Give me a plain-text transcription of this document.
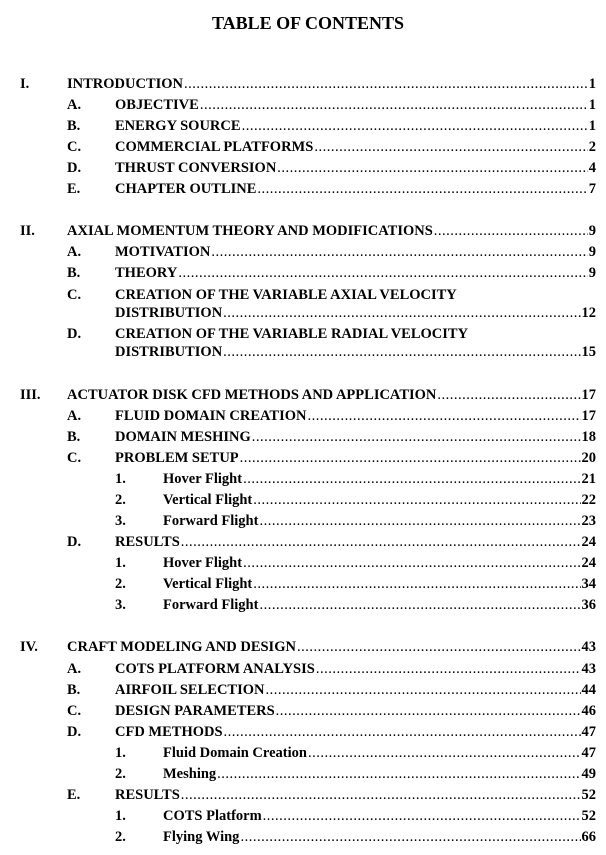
TABLE OF CONTENTS
I.	INTRODUCTION .....	1
A. OBJECTIVE .....	1
B. ENERGY SOURCE .....	1
C. COMMERCIAL PLATFORMS .....	2
D. THRUST CONVERSION .....	4
E. CHAPTER OUTLINE .....	7
II. AXIAL MOMENTUM THEORY AND MODIFICATIONS .....	9
A. MOTIVATION .....	9
B. THEORY .....	9
C. CREATION OF THE VARIABLE AXIAL VELOCITY
DISTRIBUTION .....	12
D. CREATION OF THE VARIABLE RADIAL VELOCITY
DISTRIBUTION .....	15
III. ACTUATOR DISK CFD METHODS AND APPLICATION .....	17
A. FLUID DOMAIN CREATION .....	17
B. DOMAIN MESHING .....	18
C. PROBLEM SETUP .....	20
1.	Hover Flight .....	21
2.	Vertical Flight .....	22
3.	Forward Flight .....	23
D. RESULTS .....	24
1.	Hover Flight .....	24
2.	Vertical Flight .....	34
3.	Forward Flight .....	36
IV. CRAFT MODELING AND DESIGN .....	43
A. COTS PLATFORM ANALYSIS .....	43
B. AIRFOIL SELECTION .....	44
C. DESIGN PARAMETERS .....	46
D. CFD METHODS .....	47
1.	Fluid Domain Creation .....	47
2.	Meshing .....	49
E. RESULTS .....	52
1.	COTS Platform .....	52
2.	Flying Wing .....	66
